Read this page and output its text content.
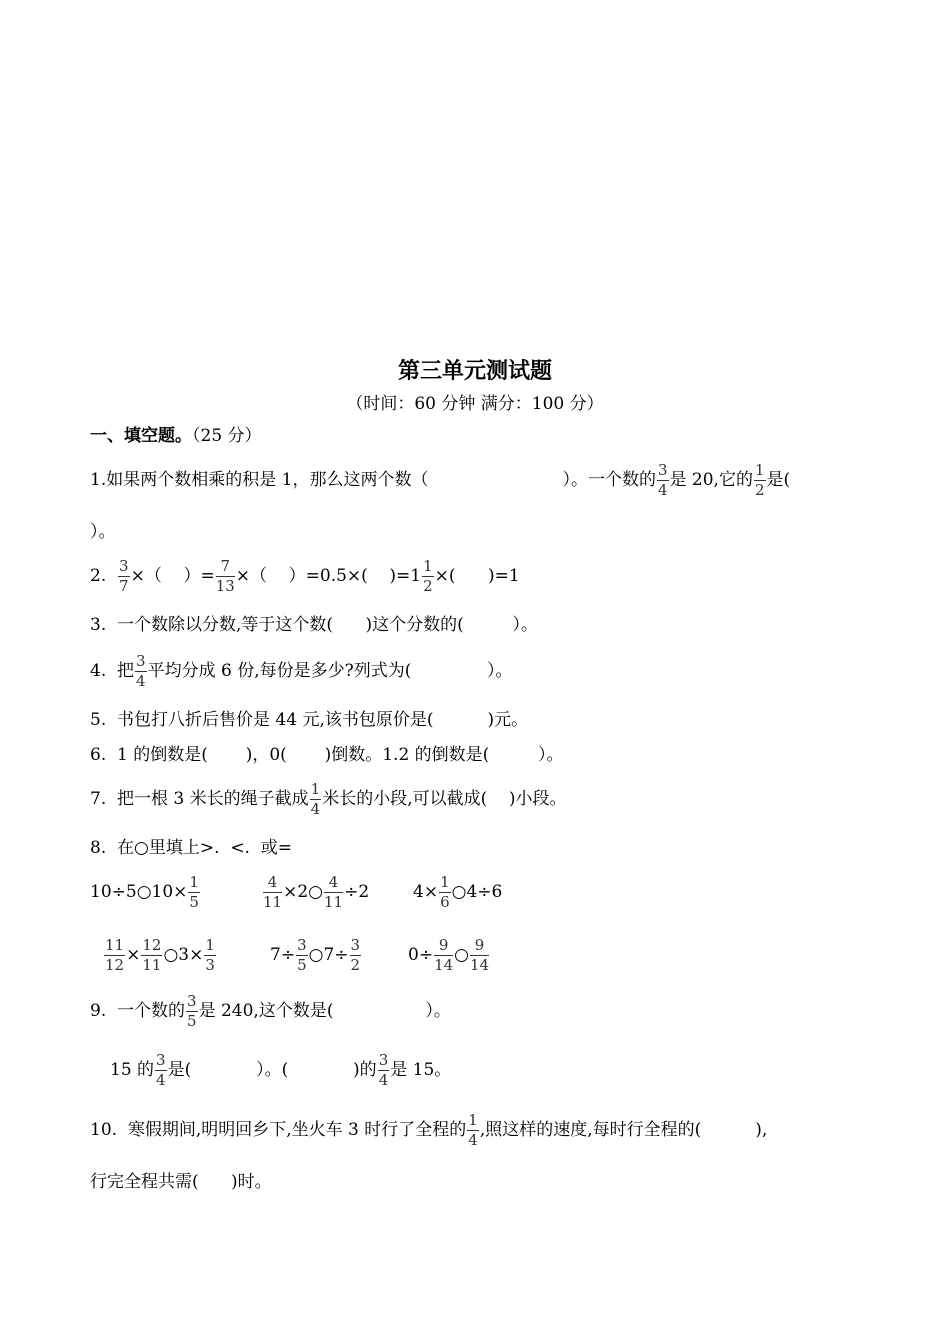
第三单元测试题
（时间：60 分钟 满分：100 分）
一、填空题。（25 分）
1.如果两个数相乘的积是 1，那么这两个数（	）。一个数的 $\frac{3}{4}$ 是 20,它的 $\frac{1}{2}$ 是(
）。
2. $\frac{3}{7}$ ×（    ）= $\frac{7}{13}$ ×（    ）=0.5×(    )$=1 \frac{1}{2}$ ×(      )=1
3.  一个数除以分数,等于这个数(      )这个分数的(         ）。
4.  把 $\frac{3}{4}$ 平均分成 6 份,每份是多少?列式为(              ）。
5.  书包打八折后售价是 44 元,该书包原价是(          )元。
6.  1 的倒数是(       )，0(       )倒数。1.2 的倒数是(         ）。
7.  把一根 3 米长的绳子截成 $\frac{1}{4}$ 米长的小段,可以截成(    )小段。
8.  在○里填上>.  <.  或=
10÷5○10× $\frac{1}{5}$	$\frac{4}{11}$ ×2○ $\frac{4}{11} \div 2$	$4\times \frac{1}{6}$ ○4÷6
$\frac{11}{12} \times \frac{12}{11}$ ○3× $\frac{1}{3}$	$7\div \frac{3}{5}$ ○7÷ $\frac{3}{2}$	$0\div \frac{9}{14}$ ○ $\frac{9}{14}$
9.  一个数的 $\frac{3}{5}$ 是 240,这个数是(                 ）。
15 的 $\frac{3}{4}$ 是(            ）。(            )的 $\frac{3}{4}$ 是 15。
10.  寒假期间,明明回乡下,坐火车 3 时行了全程的 $\frac{1}{4}$ ,照这样的速度,每时行全程的(          ),
行完全程共需(      )时。
